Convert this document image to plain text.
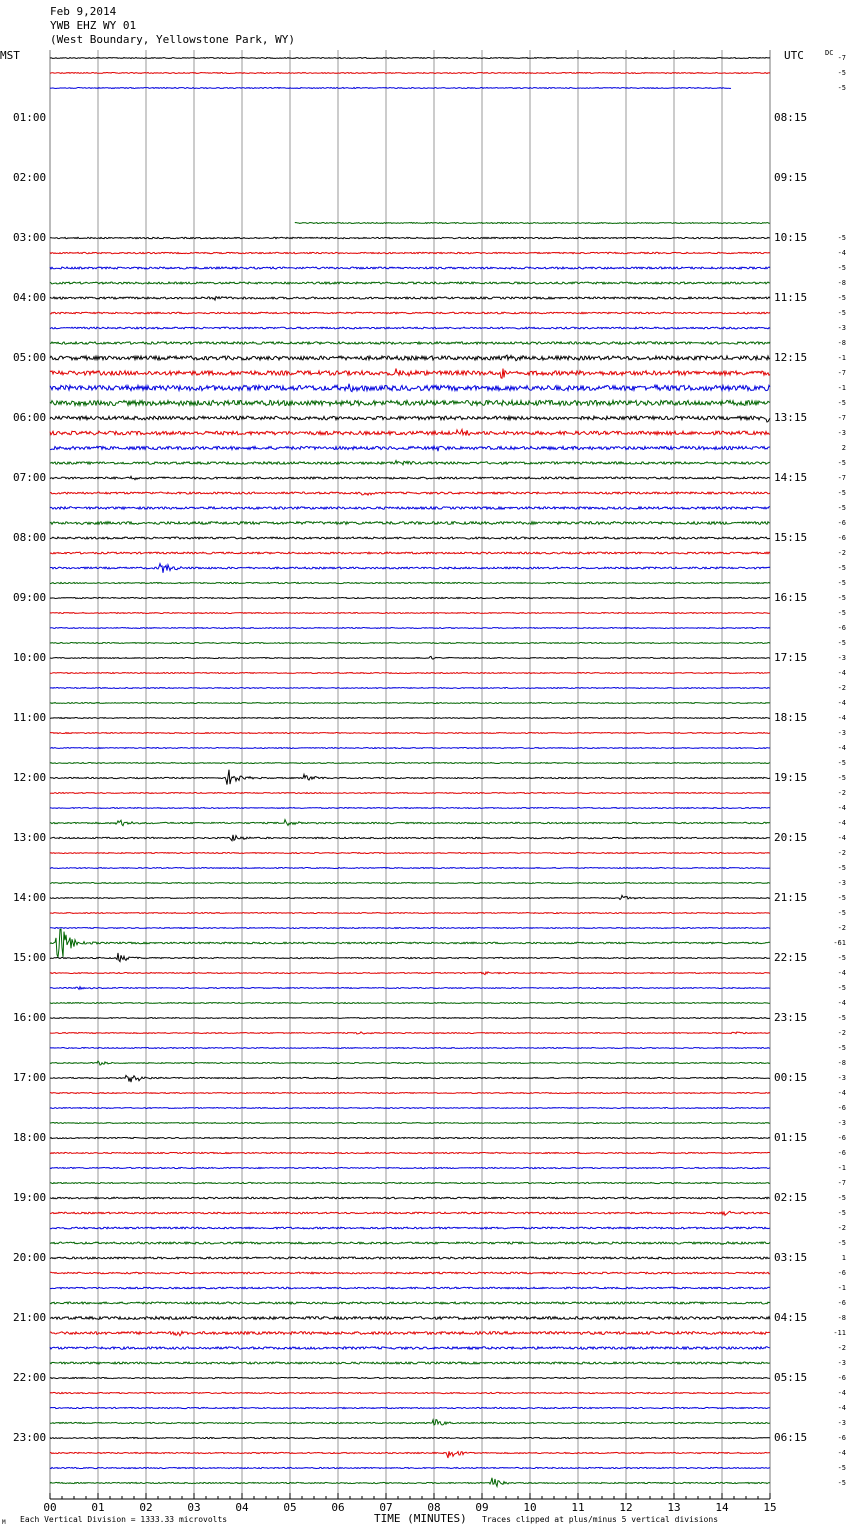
Feb 9,2014
YWB EHZ WY 01
(West Boundary, Yellowstone Park, WY)
MST	UTC	DC
01:00
02:00
03:00
04:00
05:00
06:00
07:00
08:00
09:00
10:00
11:00
12:00
13:00
14:00
15:00
16:00
17:00
18:00
19:00
20:00
21:00
22:00
23:00
08:15
09:15
10:15
11:15
12:15
13:15
14:15
15:15
16:15
17:15
18:15
19:15
20:15
21:15
22:15
23:15
00:15
01:15
02:15
03:15
04:15
05:15
06:15
-7
-5
-5
-5
-4
-5
-8
-5
-5
-3
-8
-1
-7
-1
-5
-7
-3
2
-5
-7
-5
-5
-6
-6
-2
-5
-5
-5
-5
-6
-5
-3
-4
-2
-4
-4
-3
-4
-5
-5
-2
-4
-4
-4
-2
-5
-3
-5
-5
-2
-61
-5
-4
-5
-4
-5
-2
-5
-8
-3
-4
-6
-3
-6
-6
-1
-7
-5
-5
-2
-5
1
-6
-1
-6
-8
-11
-2
-3
-6
-4
-4
-3
-6
-4
-5
-5
00	01	02	03	04	05	06	07	08	09	10	11	12	13	14	15
M Each Vertical Division = 1333.33 microvolts	TIME (MINUTES) Traces clipped at plus/minus 5 vertical divisions
